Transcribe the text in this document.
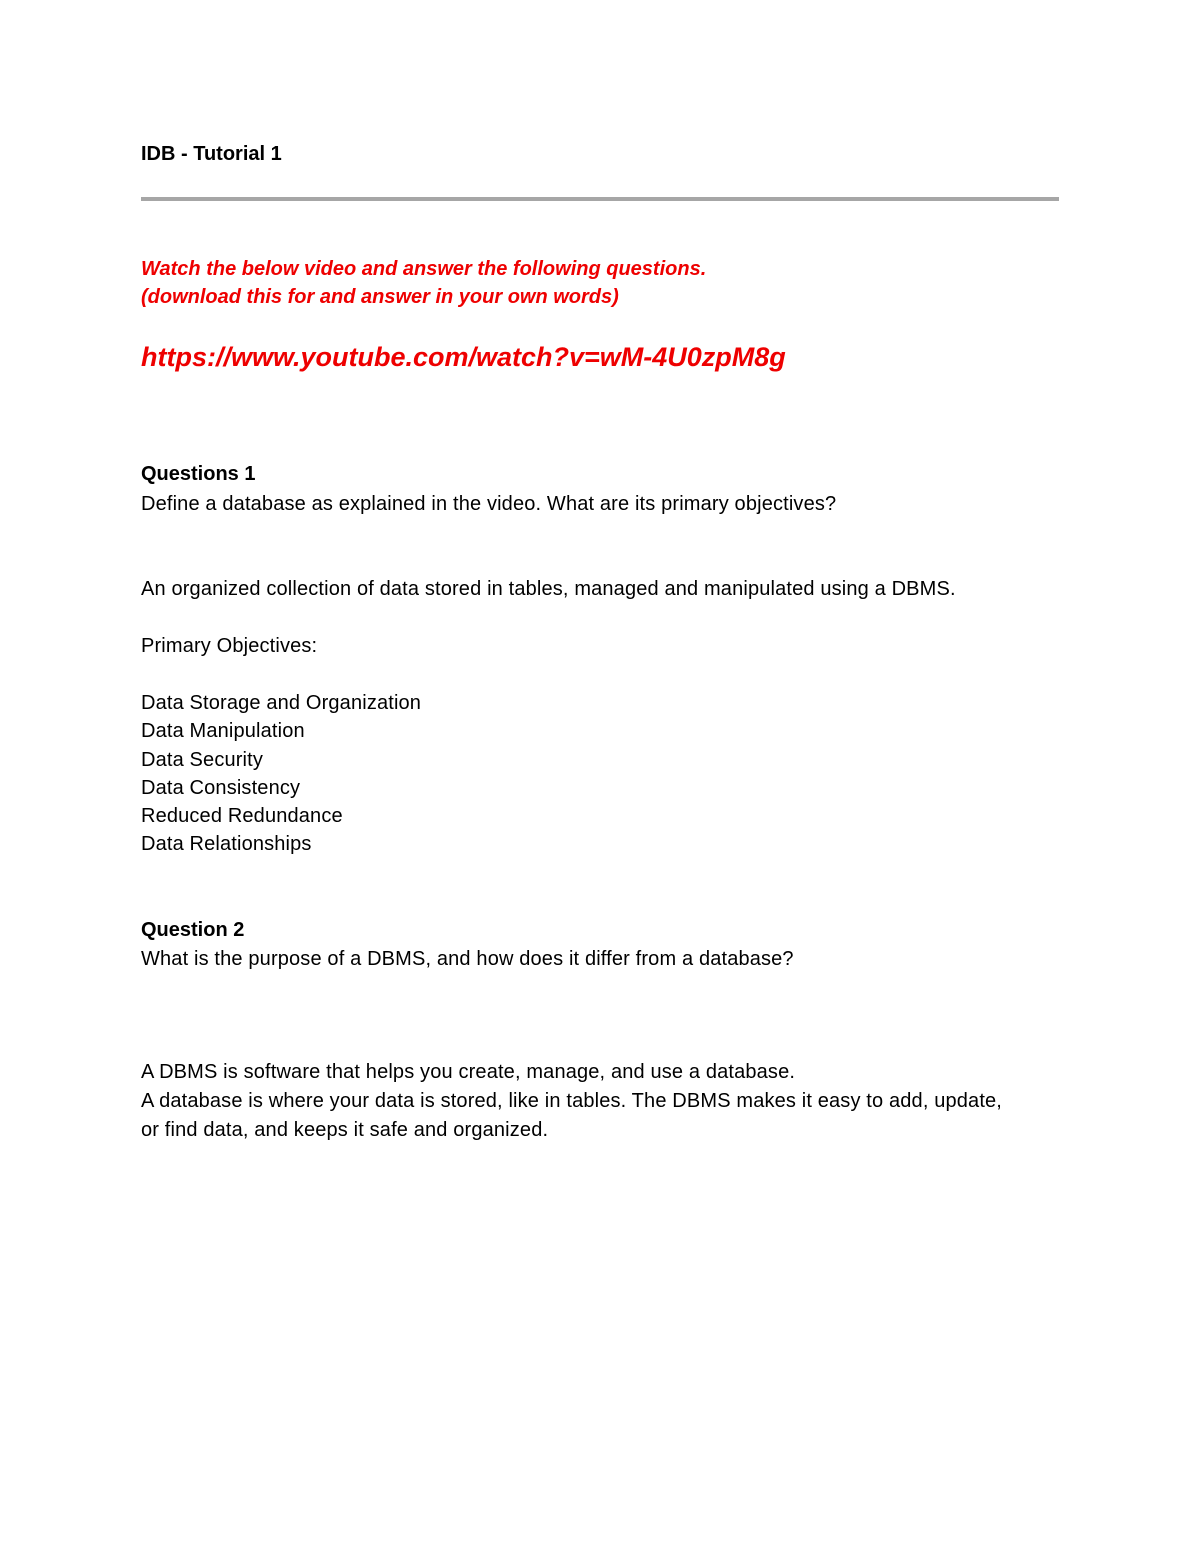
IDB - Tutorial 1
Watch the below video and answer the following questions.
(download this for and answer in your own words)
https://www.youtube.com/watch?v=wM-4U0zpM8g
Questions 1
Define a database as explained in the video. What are its primary objectives?
An organized collection of data stored in tables, managed and manipulated using a DBMS.
Primary Objectives:
Data Storage and Organization
Data Manipulation
Data Security
Data Consistency
Reduced Redundance
Data Relationships
Question 2
What is the purpose of a DBMS, and how does it differ from a database?
A DBMS is software that helps you create, manage, and use a database.
A database is where your data is stored, like in tables. The DBMS makes it easy to add, update,
or find data, and keeps it safe and organized.
